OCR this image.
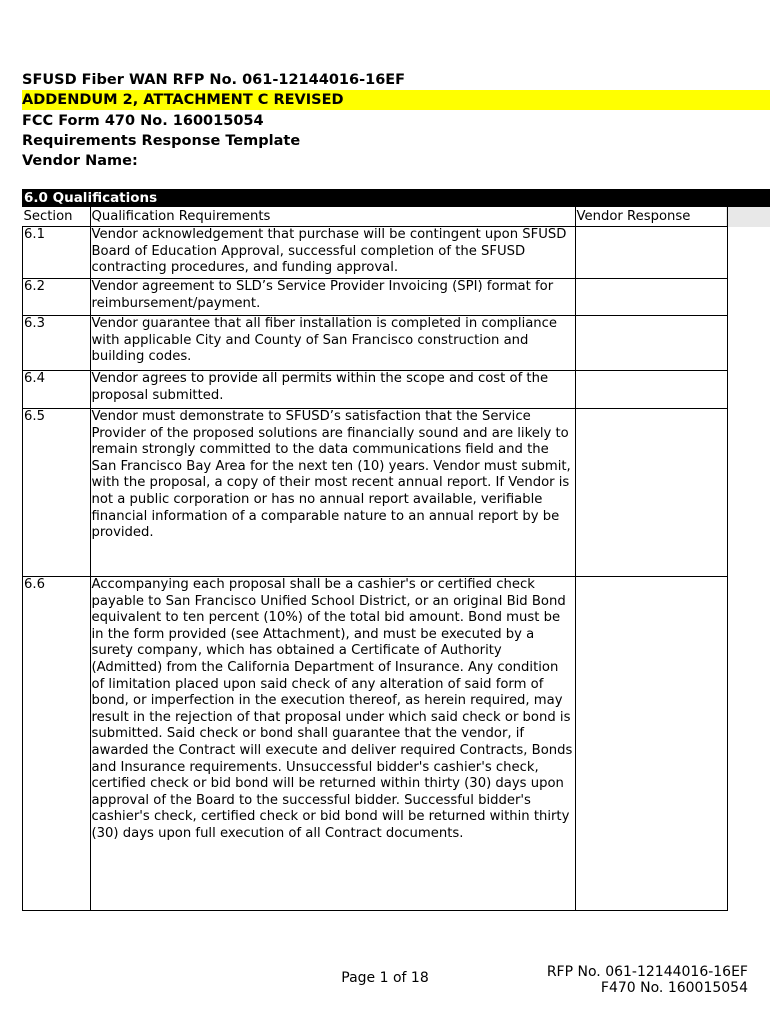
SFUSD Fiber WAN RFP No. 061-12144016-16EF
ADDENDUM 2, ATTACHMENT C REVISED
FCC Form 470 No. 160015054
Requirements Response Template
Vendor Name:
6.0 Qualifications
Section	Qualification Requirements	Vendor Response
6.1	Vendor acknowledgement that purchase will be contingent upon SFUSD Board of Education Approval, successful completion of the SFUSD contracting procedures, and funding approval.	
6.2	Vendor agreement to SLD’s Service Provider Invoicing (SPI) format for reimbursement/payment.	
6.3	Vendor guarantee that all fiber installation is completed in compliance with applicable City and County of San Francisco construction and building codes.	
6.4	Vendor agrees to provide all permits within the scope and cost of the proposal submitted.	
6.5	Vendor must demonstrate to SFUSD’s satisfaction that the Service Provider of the proposed solutions are financially sound and are likely to remain strongly committed to the data communications field and the San Francisco Bay Area for the next ten (10) years. Vendor must submit, with the proposal, a copy of their most recent annual report. If Vendor is not a public corporation or has no annual report available, verifiable financial information of a comparable nature to an annual report by be provided.	
6.6	Accompanying each proposal shall be a cashier's or certified check payable to San Francisco Unified School District, or an original Bid Bond equivalent to ten percent (10%) of the total bid amount. Bond must be in the form provided (see Attachment), and must be executed by a surety company, which has obtained a Certificate of Authority (Admitted) from the California Department of Insurance. Any condition of limitation placed upon said check of any alteration of said form of bond, or imperfection in the execution thereof, as herein required, may result in the rejection of that proposal under which said check or bond is submitted. Said check or bond shall guarantee that the vendor, if awarded the Contract will execute and deliver required Contracts, Bonds and Insurance requirements. Unsuccessful bidder's cashier's check, certified check or bid bond will be returned within thirty (30) days upon approval of the Board to the successful bidder. Successful bidder's cashier's check, certified check or bid bond will be returned within thirty (30) days upon full execution of all Contract documents.	
Page 1 of 18	RFP No. 061-12144016-16EF
F470 No. 160015054
